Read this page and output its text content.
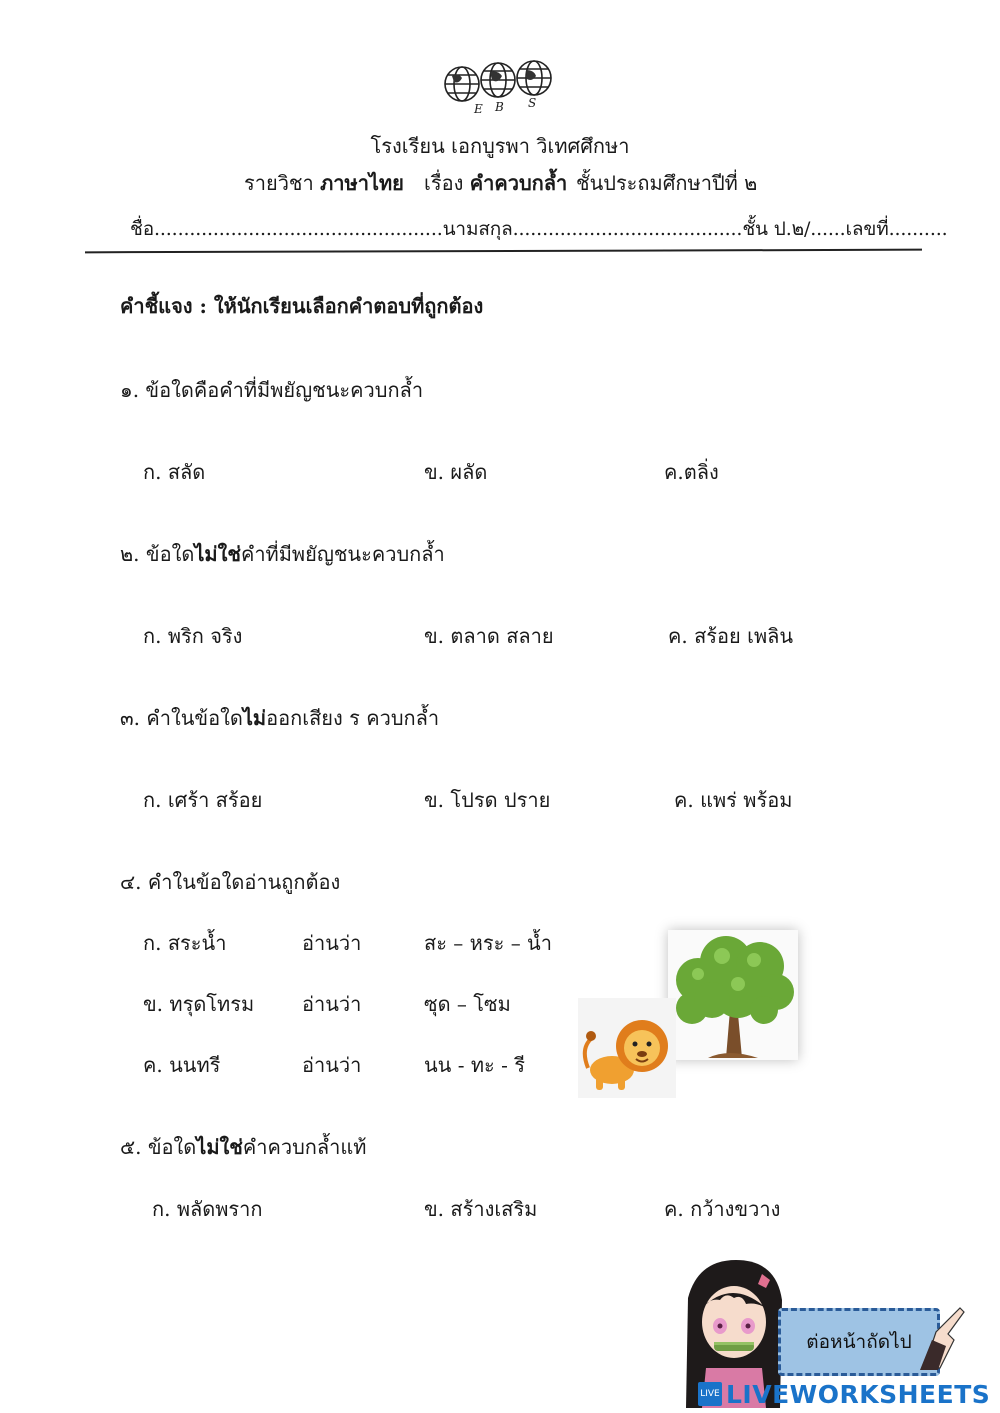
E B S
โรงเรียน เอกบูรพา วิเทศศึกษา
รายวิชา ภาษาไทย เรื่อง คำควบกล้ำ ชั้นประถมศึกษาปีที่ ๒
ชื่อ.................................................นามสกุล.......................................ชั้น ป.๒/......เลขที่..........
คำชี้แจง : ให้นักเรียนเลือกคำตอบที่ถูกต้อง
๑. ข้อใดคือคำที่มีพยัญชนะควบกล้ำ
ก. สลัด	ข. ผลัด	ค.ตลิ่ง
๒. ข้อใดไม่ใช่คำที่มีพยัญชนะควบกล้ำ
ก. พริก จริง	ข. ตลาด สลาย	ค. สร้อย เพลิน
๓. คำในข้อใดไม่ออกเสียง ร ควบกล้ำ
ก. เศร้า สร้อย	ข. โปรด ปราย	ค. แพร่ พร้อม
๔. คำในข้อใดอ่านถูกต้อง
ก. สระน้ำ	อ่านว่า	สะ – หระ – น้ำ
ข. ทรุดโทรม อ่านว่า	ซุด – โซม
ค. นนทรี	อ่านว่า	นน - ทะ - รี
๕. ข้อใดไม่ใช่คำควบกล้ำแท้
ก. พลัดพราก	ข. สร้างเสริม	ค. กว้างขวาง
ต่อหน้าถัดไป
LIVE LIVEWORKSHEETS
